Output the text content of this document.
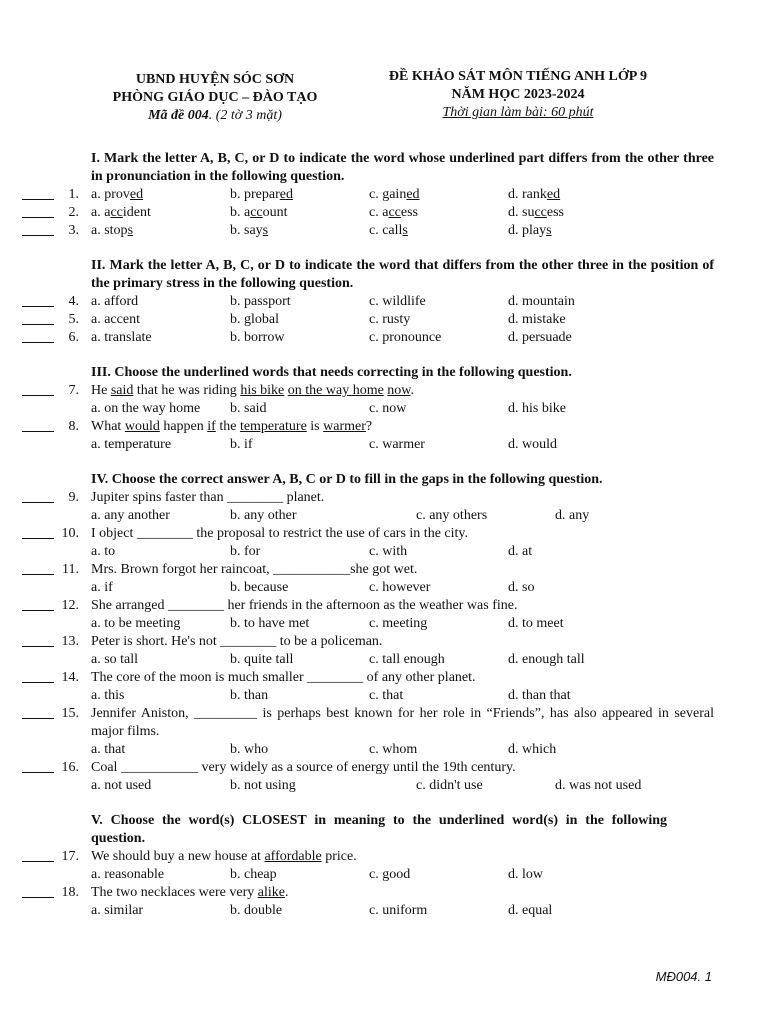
UBND HUYỆN SÓC SƠN
PHÒNG GIÁO DỤC – ĐÀO TẠO
Mã đề 004. (2 tờ 3 mặt)
ĐỀ KHẢO SÁT MÔN TIẾNG ANH LỚP 9
NĂM HỌC 2023-2024
Thời gian làm bài: 60 phút
I. Mark the letter A, B, C, or D to indicate the word whose underlined part differs from the other three in pronunciation in the following question.
1. a. proved	b. prepared	c. gained	d. ranked
2. a. accident	b. account	c. access	d. success
3. a. stops	b. says	c. calls	d. plays
II. Mark the letter A, B, C, or D to indicate the word that differs from the other three in the position of the primary stress in the following question.
4. a. afford	b. passport	c. wildlife	d. mountain
5. a. accent	b. global	c. rusty	d. mistake
6. a. translate	b. borrow	c. pronounce	d. persuade
III. Choose the underlined words that needs correcting in the following question.
7. He said that he was riding his bike on the way home now.
a. on the way home b. said	c. now	d. his bike
8. What would happen if the temperature is warmer?
a. temperature	b. if	c. warmer	d. would
IV. Choose the correct answer A, B, C or D to fill in the gaps in the following question.
9. Jupiter spins faster than ________ planet.
a. any another	b. any other	c. any others	d. any
10. I object ________ the proposal to restrict the use of cars in the city.
a. to	b. for	c. with	d. at
11. Mrs. Brown forgot her raincoat, ___________she got wet.
a. if	b. because	c. however	d. so
12. She arranged ________ her friends in the afternoon as the weather was fine.
a. to be meeting	b. to have met	c. meeting	d. to meet
13. Peter is short. He's not ________ to be a policeman.
a. so tall	b. quite tall	c. tall enough	d. enough tall
14. The core of the moon is much smaller ________ of any other planet.
a. this	b. than	c. that	d. than that
15. Jennifer Aniston, _________ is perhaps best known for her role in “Friends”, has also appeared in several major films.
a. that	b. who	c. whom	d. which
16. Coal ___________ very widely as a source of energy until the 19th century.
a. not used	b. not using	c. didn't use	d. was not used
V. Choose the word(s) CLOSEST in meaning to the underlined word(s) in the following question.
17. We should buy a new house at affordable price.
a. reasonable	b. cheap	c. good	d. low
18. The two necklaces were very alike.
a. similar	b. double	c. uniform	d. equal
MĐ004. 1
